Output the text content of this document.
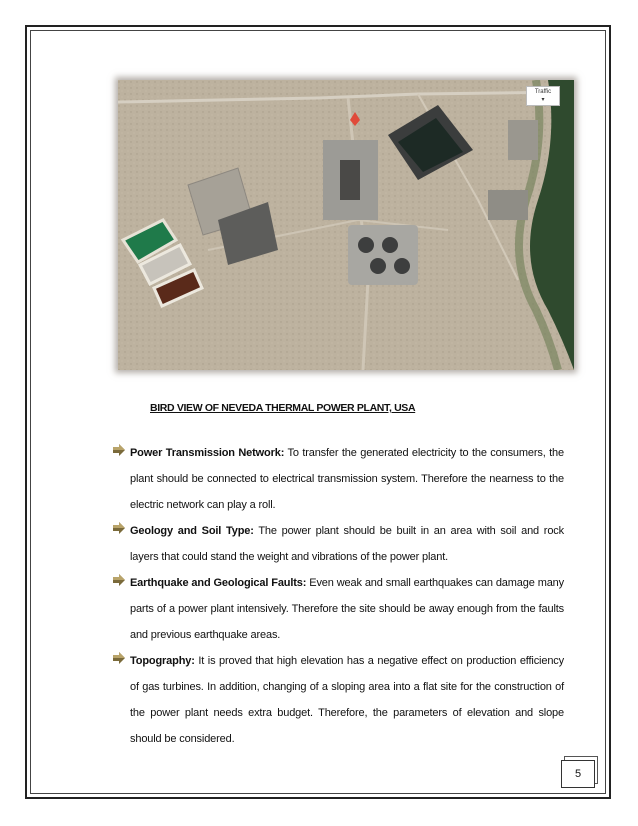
Traffic
▾
BIRD VIEW OF NEVEDA THERMAL POWER PLANT, USA

Power Transmission Network: To transfer the generated electricity to the consumers, the plant should be connected to electrical transmission system. Therefore the nearness to the electric network can play a roll.

Geology and Soil Type: The power plant should be built in an area with soil and rock layers that could stand the weight and vibrations of the power plant.

Earthquake and Geological Faults: Even weak and small earthquakes can damage many parts of a power plant intensively. Therefore the site should be away enough from the faults and previous earthquake areas.

Topography: It is proved that high elevation has a negative effect on production efficiency of gas turbines. In addition, changing of a sloping area into a flat site for the construction of the power plant needs extra budget. Therefore, the parameters of elevation and slope should be considered.

5
